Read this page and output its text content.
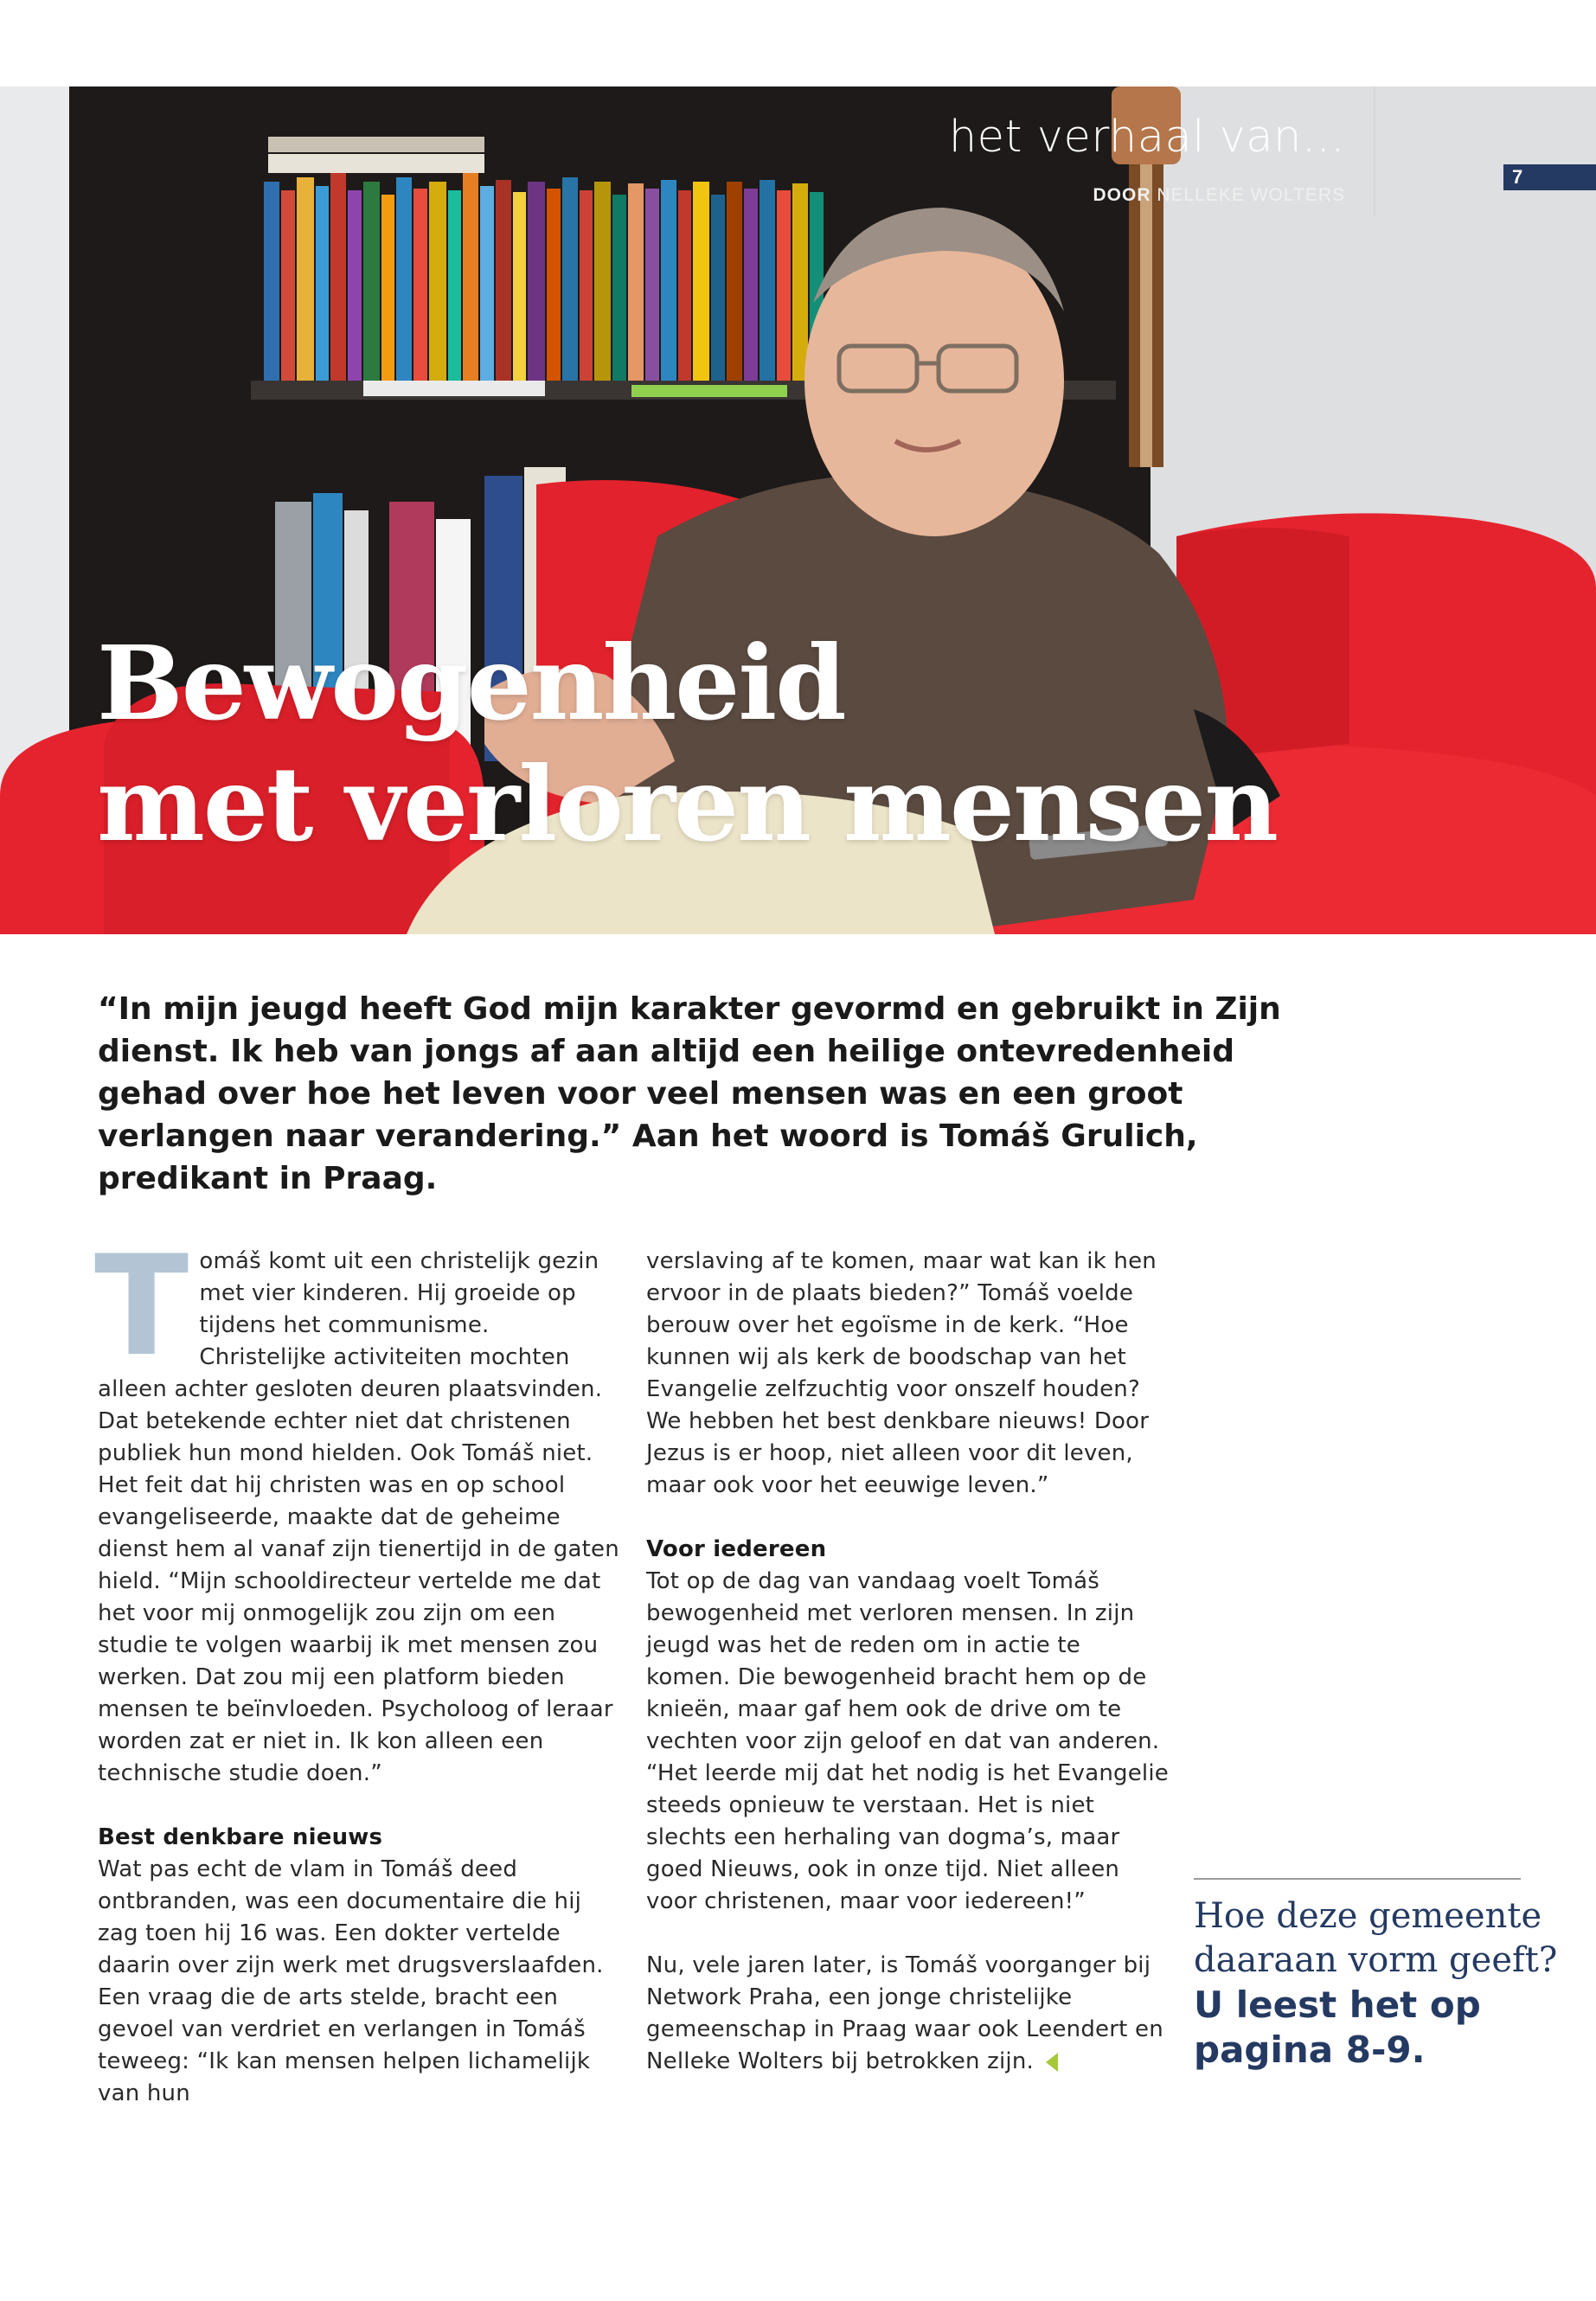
het verhaal van...
DOOR NELLEKE WOLTERS
7
Bewogenheid
met verloren mensen

“In mijn jeugd heeft God mijn karakter gevormd en gebruikt in Zijn dienst. Ik heb van jongs af aan altijd een heilige ontevredenheid gehad over hoe het leven voor veel mensen was en een groot verlangen naar verandering.” Aan het woord is Tomáš Grulich, predikant in Praag.

T omáš komt uit een christelijk gezin met vier kinderen. Hij groeide op tijdens het communisme. Christelijke activiteiten mochten alleen achter gesloten deuren plaatsvinden. Dat betekende echter niet dat christenen publiek hun mond hielden. Ook Tomáš niet.

Het feit dat hij christen was en op school evangeliseerde, maakte dat de geheime dienst hem al vanaf zijn tienertijd in de gaten hield. “Mijn schooldirecteur vertelde me dat het voor mij onmogelijk zou zijn om een studie te volgen waarbij ik met mensen zou werken. Dat zou mij een platform bieden mensen te beïnvloeden. Psycholoog of leraar worden zat er niet in. Ik kon alleen een technische studie doen.”

Best denkbare nieuws

Wat pas echt de vlam in Tomáš deed ontbranden, was een documentaire die hij zag toen hij 16 was. Een dokter vertelde daarin over zijn werk met drugsverslaafden. Een vraag die de arts stelde, bracht een gevoel van verdriet en verlangen in Tomáš teweeg: “Ik kan mensen helpen lichamelijk van hun

verslaving af te komen, maar wat kan ik hen ervoor in de plaats bieden?” Tomáš voelde berouw over het egoïsme in de kerk. “Hoe kunnen wij als kerk de boodschap van het Evangelie zelfzuchtig voor onszelf houden? We hebben het best denkbare nieuws! Door Jezus is er hoop, niet alleen voor dit leven, maar ook voor het eeuwige leven.”

Voor iedereen

Tot op de dag van vandaag voelt Tomáš bewogenheid met verloren mensen. In zijn jeugd was het de reden om in actie te komen. Die bewogenheid bracht hem op de knieën, maar gaf hem ook de drive om te vechten voor zijn geloof en dat van anderen. “Het leerde mij dat het nodig is het Evangelie steeds opnieuw te verstaan. Het is niet slechts een herhaling van dogma’s, maar goed Nieuws, ook in onze tijd. Niet alleen voor christenen, maar voor iedereen!”

Nu, vele jaren later, is Tomáš voorganger bij Network Praha, een jonge christelijke gemeenschap in Praag waar ook Leendert en Nelleke Wolters bij betrokken zijn.

Hoe deze gemeente daaraan vorm geeft?
U leest het op pagina 8-9.
